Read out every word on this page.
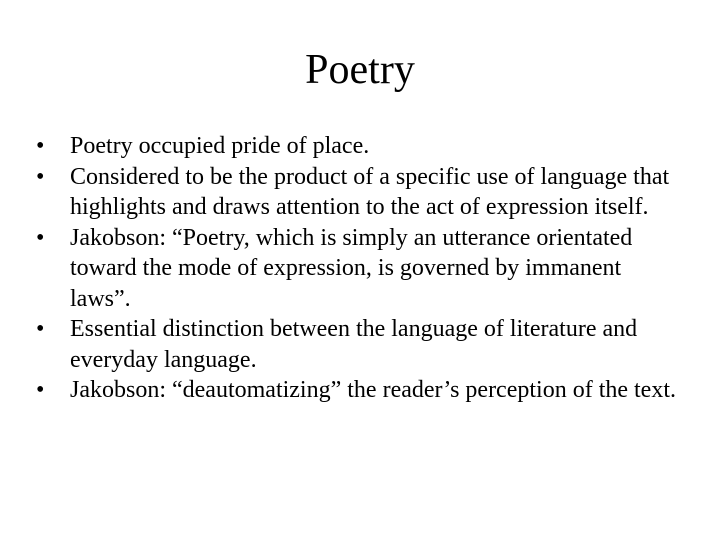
Poetry
•	Poetry occupied pride of place.
•	Considered to be the product of a specific use of language that highlights and draws attention to the act of expression itself.
•	Jakobson: “Poetry, which is simply an utterance orientated toward the mode of expression, is governed by immanent laws”.
•	Essential distinction between the language of literature and everyday language.
•	Jakobson: “deautomatizing” the reader’s perception of the text.
